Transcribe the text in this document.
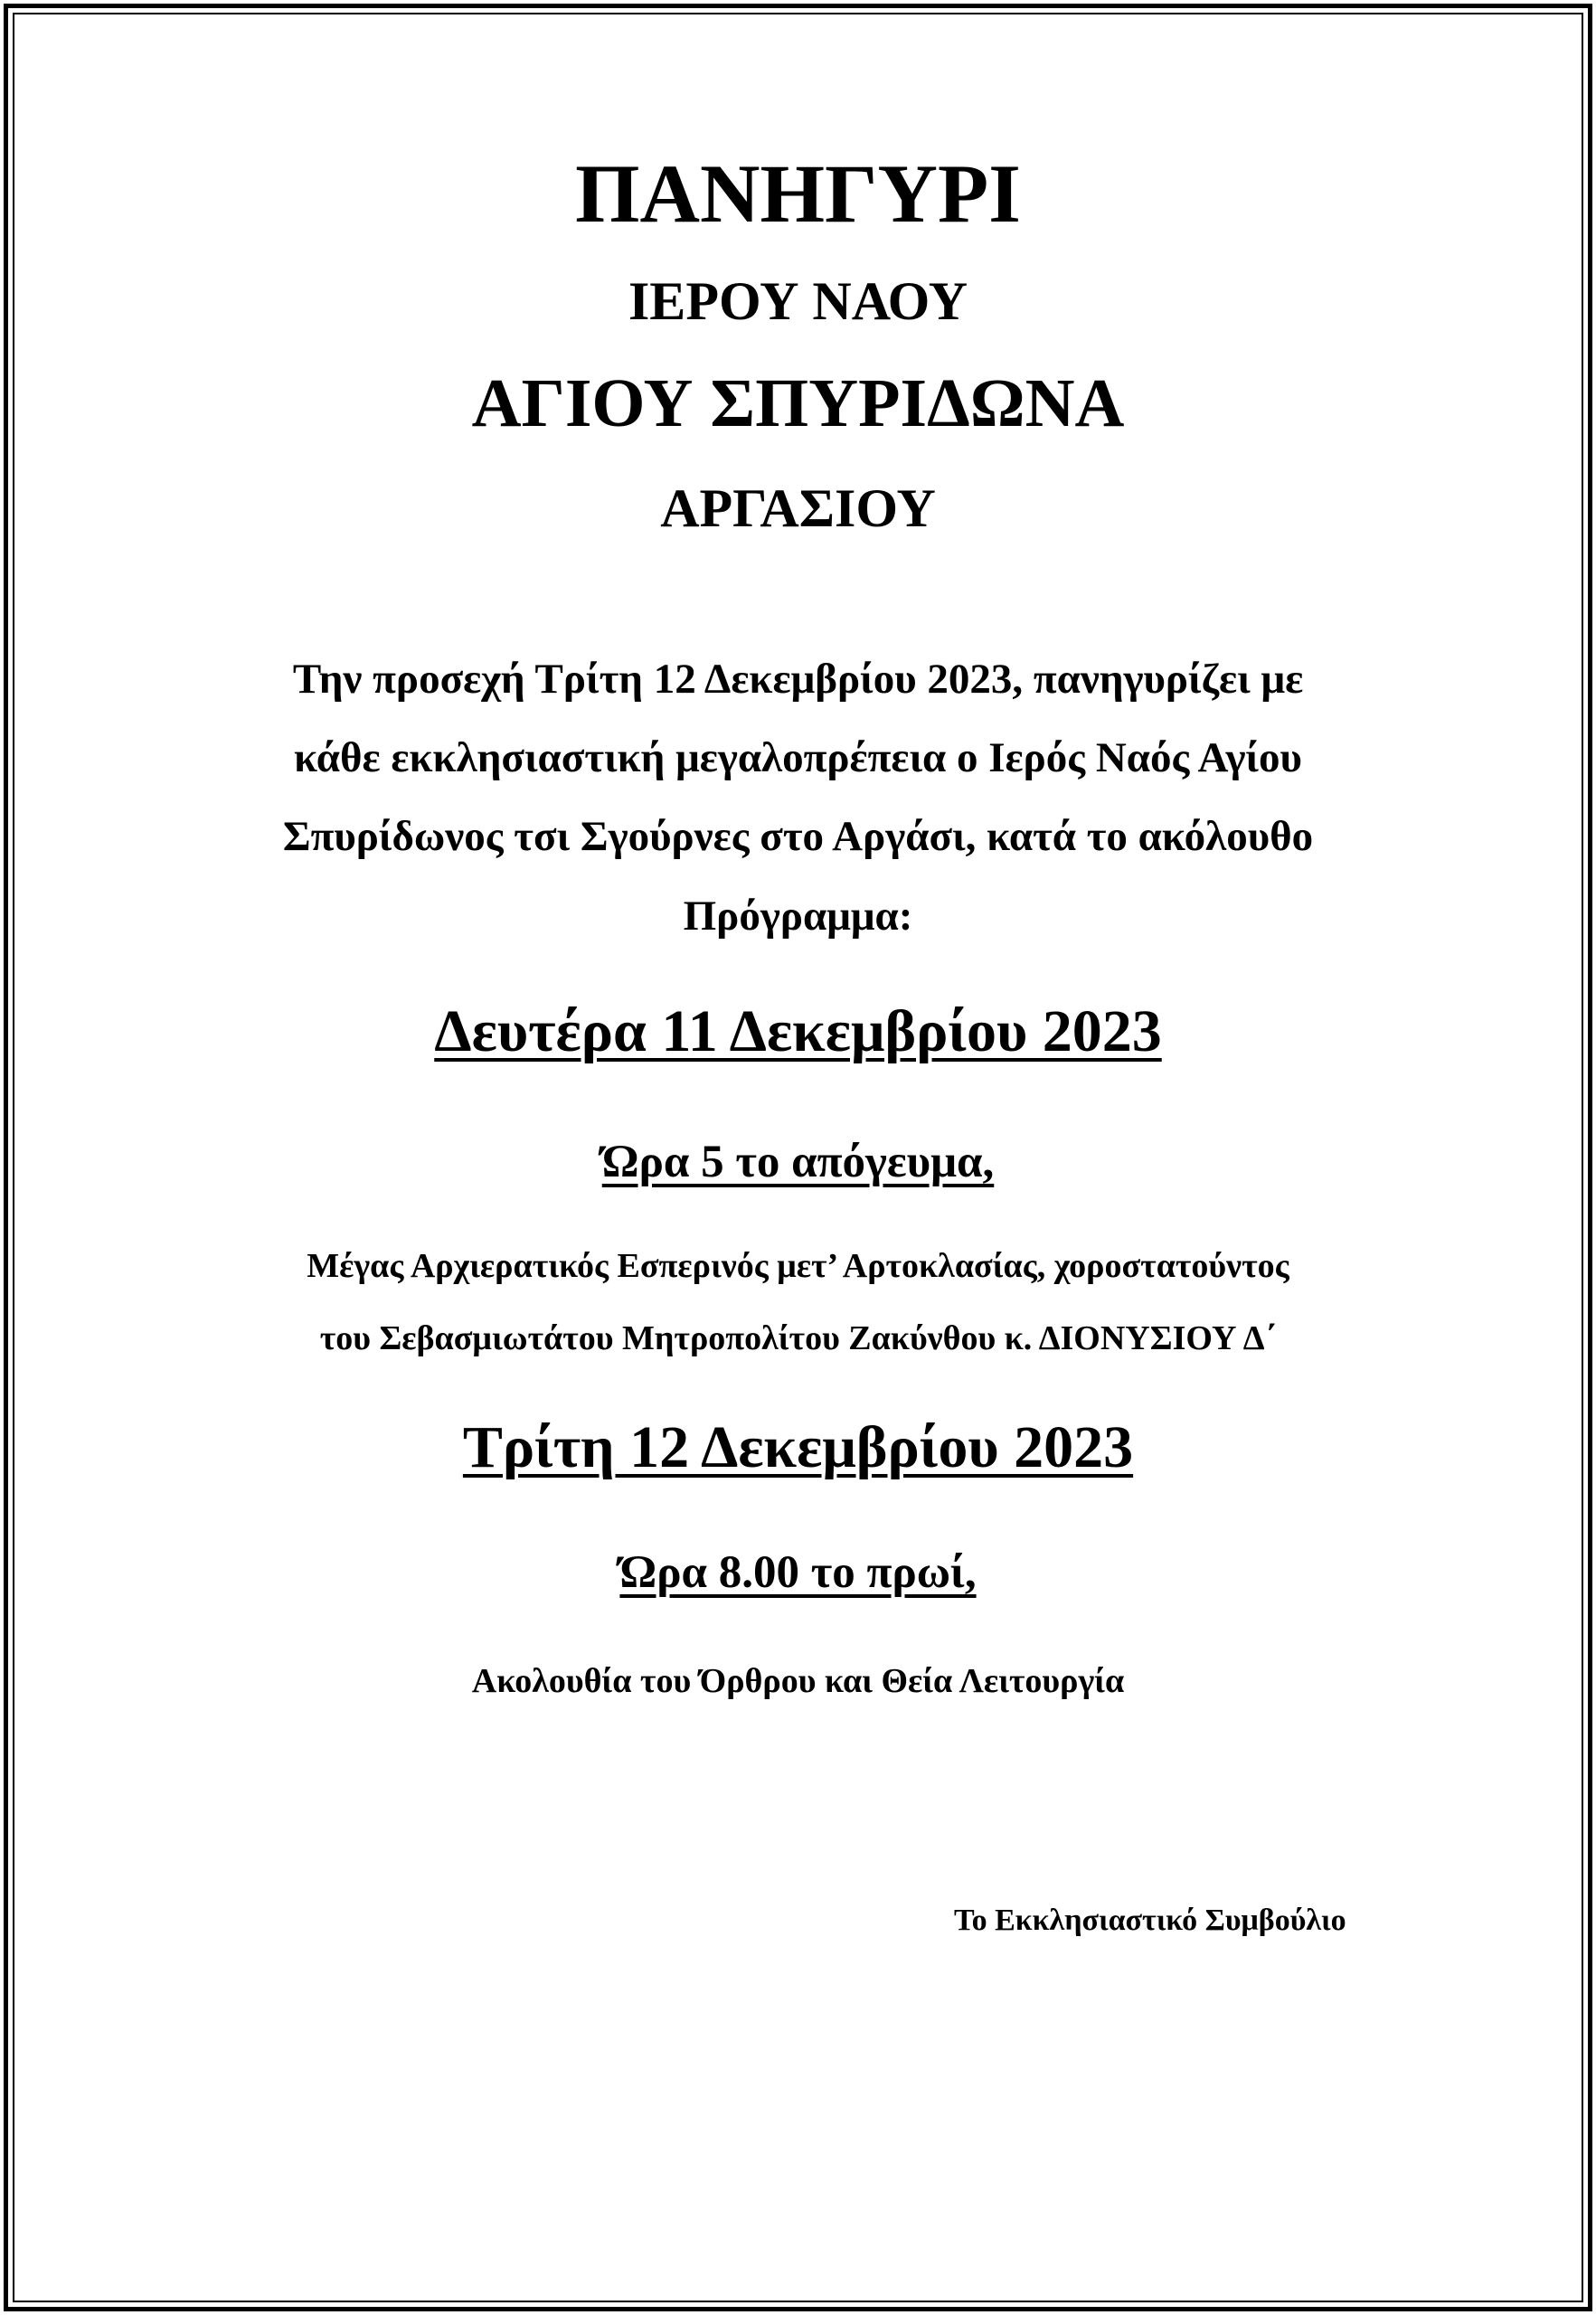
ΠΑΝΗΓΥΡΙ
ΙΕΡΟΥ ΝΑΟΥ
ΑΓΙΟΥ ΣΠΥΡΙΔΩΝΑ
ΑΡΓΑΣΙΟΥ
Την προσεχή Τρίτη 12 Δεκεμβρίου 2023, πανηγυρίζει με
κάθε εκκλησιαστική μεγαλοπρέπεια ο Ιερός Ναός Αγίου
Σπυρίδωνος τσι Σγούρνες στο Αργάσι, κατά το ακόλουθο
Πρόγραμμα:
Δευτέρα 11 Δεκεμβρίου 2023
Ώρα 5 το απόγευμα,
Μέγας Αρχιερατικός Εσπερινός μετ’ Αρτοκλασίας, χοροστατούντος
του Σεβασμιωτάτου Μητροπολίτου Ζακύνθου κ. ΔΙΟΝΥΣΙΟΥ Δ΄
Τρίτη 12 Δεκεμβρίου 2023
Ώρα 8.00 το πρωί,
Ακολουθία του Όρθρου και Θεία Λειτουργία
Το Εκκλησιαστικό Συμβούλιο
